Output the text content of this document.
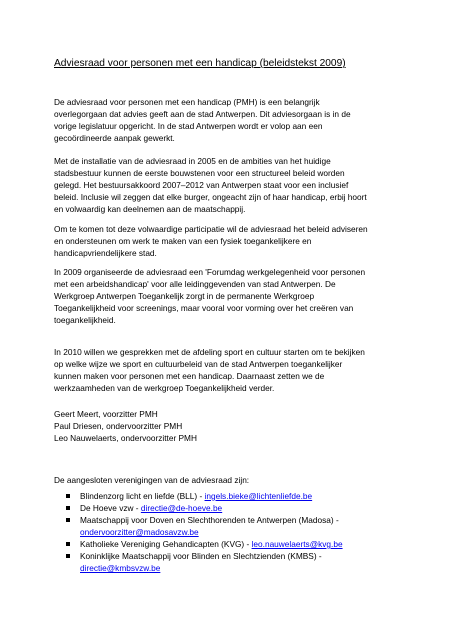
Adviesraad voor personen met een handicap (beleidstekst 2009)
De adviesraad voor personen met een handicap (PMH) is een belangrijk
overlegorgaan dat advies geeft aan de stad Antwerpen. Dit adviesorgaan is in de
vorige legislatuur opgericht. In de stad Antwerpen wordt er volop aan een
gecoördineerde aanpak gewerkt.
Met de installatie van de adviesraad in 2005 en de ambities van het huidige
stadsbestuur kunnen de eerste bouwstenen voor een structureel beleid worden
gelegd. Het bestuursakkoord 2007–2012 van Antwerpen staat voor een inclusief
beleid. Inclusie wil zeggen dat elke burger, ongeacht zijn of haar handicap, erbij hoort
en volwaardig kan deelnemen aan de maatschappij.
Om te komen tot deze volwaardige participatie wil de adviesraad het beleid adviseren
en ondersteunen om werk te maken van een fysiek toegankelijkere en
handicapvriendelijkere stad.
In 2009 organiseerde de adviesraad een 'Forumdag werkgelegenheid voor personen
met een arbeidshandicap' voor alle leidinggevenden van stad Antwerpen. De
Werkgroep Antwerpen Toegankelijk zorgt in de permanente Werkgroep
Toegankelijkheid voor screenings, maar vooral voor vorming over het creëren van
toegankelijkheid.
In 2010 willen we gesprekken met de afdeling sport en cultuur starten om te bekijken
op welke wijze we sport en cultuurbeleid van de stad Antwerpen toegankelijker
kunnen maken voor personen met een handicap. Daarnaast zetten we de
werkzaamheden van de werkgroep Toegankelijkheid verder.
Geert Meert, voorzitter PMH
Paul Driesen, ondervoorzitter PMH
Leo Nauwelaerts, ondervoorzitter PMH
De aangesloten verenigingen van de adviesraad zijn:
Blindenzorg licht en liefde (BLL) - ingels.bieke@lichtenliefde.be
De Hoeve vzw - directie@de-hoeve.be
Maatschappij voor Doven en Slechthorenden te Antwerpen (Madosa) -
ondervoorzitter@madosavzw.be
Katholieke Vereniging Gehandicapten (KVG) - leo.nauwelaerts@kvg.be
Koninklijke Maatschappij voor Blinden en Slechtzienden (KMBS) -
directie@kmbsvzw.be
